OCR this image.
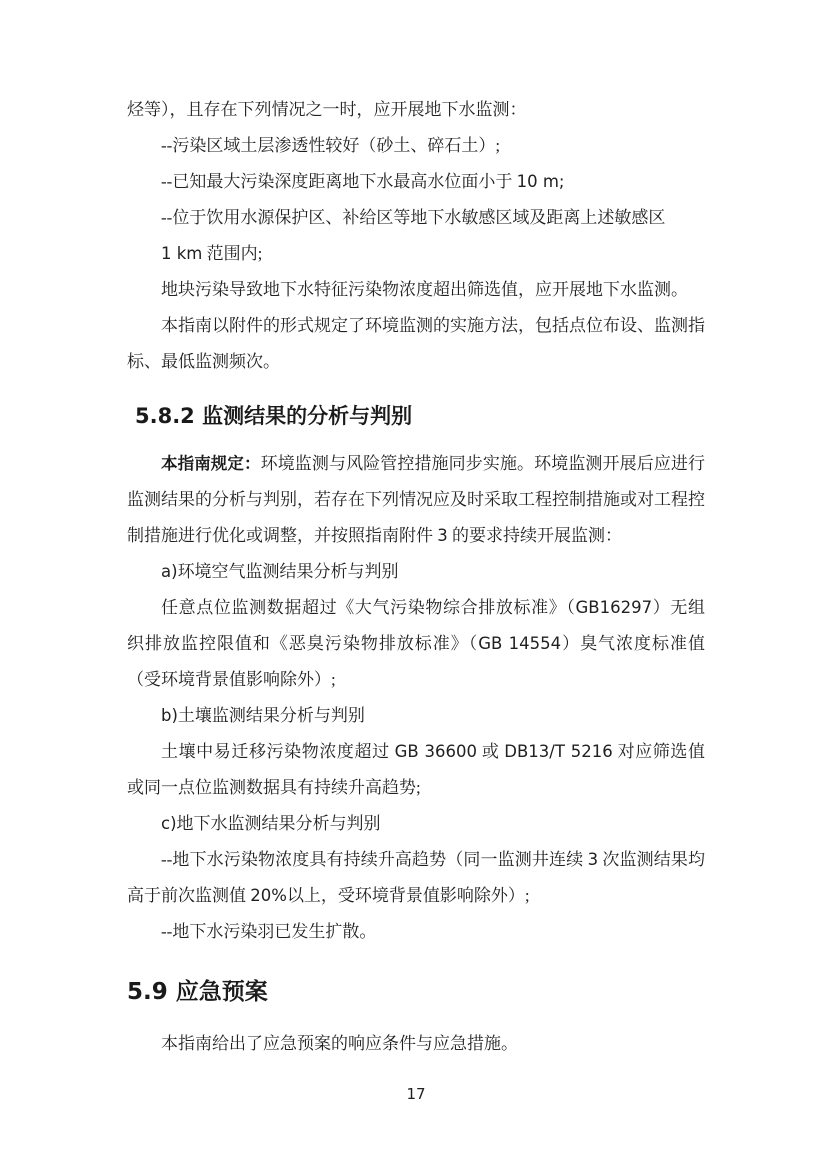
烃等），且存在下列情况之一时，应开展地下水监测：

--污染区域土层渗透性较好（砂土、碎石土）;

--已知最大污染深度距离地下水最高水位面小于 10 m;

--位于饮用水源保护区、补给区等地下水敏感区域及距离上述敏感区

1 km 范围内;

地块污染导致地下水特征污染物浓度超出筛选值，应开展地下水监测。

本指南以附件的形式规定了环境监测的实施方法，包括点位布设、监测指标、最低监测频次。

5.8.2 监测结果的分析与判别

本指南规定：环境监测与风险管控措施同步实施。环境监测开展后应进行监测结果的分析与判别，若存在下列情况应及时采取工程控制措施或对工程控制措施进行优化或调整，并按照指南附件 3 的要求持续开展监测：

a)环境空气监测结果分析与判别

任意点位监测数据超过《大气污染物综合排放标准》（GB16297）无组织排放监控限值和《恶臭污染物排放标准》（GB 14554）臭气浓度标准值（受环境背景值影响除外）;

b)土壤监测结果分析与判别

土壤中易迁移污染物浓度超过 GB 36600 或 DB13/T 5216 对应筛选值或同一点位监测数据具有持续升高趋势;

c)地下水监测结果分析与判别

--地下水污染物浓度具有持续升高趋势（同一监测井连续 3 次监测结果均高于前次监测值 20%以上，受环境背景值影响除外）;

--地下水污染羽已发生扩散。

5.9 应急预案

本指南给出了应急预案的响应条件与应急措施。

17
